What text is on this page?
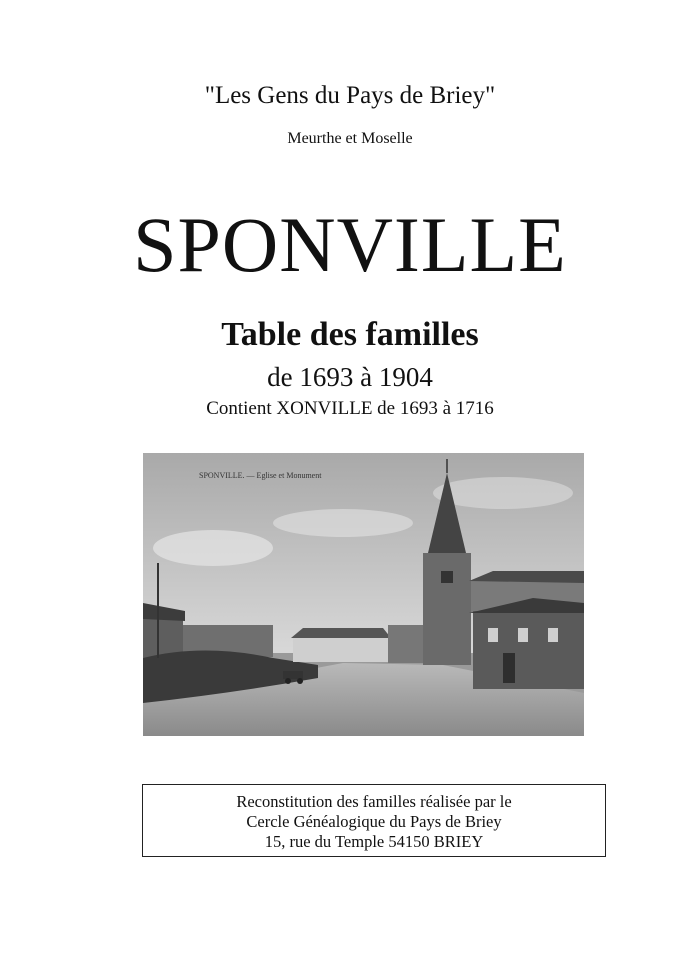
"Les Gens du Pays de Briey"
Meurthe et Moselle
SPONVILLE
Table des familles
de 1693 à 1904
Contient XONVILLE de 1693 à 1716
SPONVILLE. — Eglise et Monument
Reconstitution des familles réalisée par le
Cercle Généalogique du Pays de Briey
15, rue du Temple 54150 BRIEY
